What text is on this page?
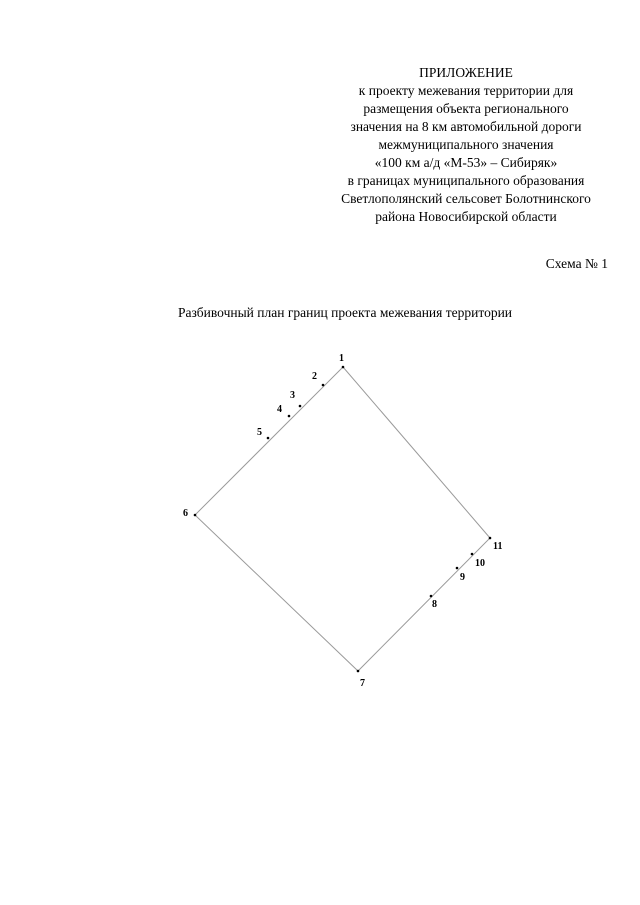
ПРИЛОЖЕНИЕ
к проекту межевания территории для
размещения объекта регионального
значения на 8 км автомобильной дороги
межмуниципального значения
«100 км а/д «М-53» – Сибиряк»
в границах муниципального образования
Светлополянский сельсовет Болотнинского
района Новосибирской области
Схема № 1
Разбивочный план границ проекта межевания территории
1
2
3
4
5
6
7
8
9
10
11
